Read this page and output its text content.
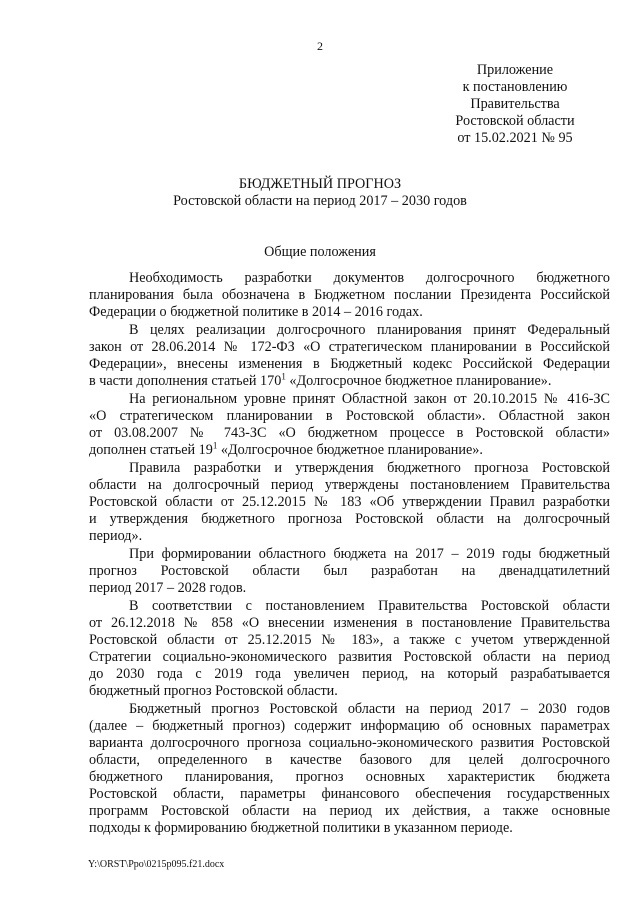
2
Приложение
к постановлению
Правительства
Ростовской области
от 15.02.2021 № 95
БЮДЖЕТНЫЙ ПРОГНОЗ
Ростовской области на период 2017 – 2030 годов
Общие положения

Необходимость разработки документов долгосрочного бюджетного
планирования была обозначена в Бюджетном послании Президента Российской
Федерации о бюджетной политике в 2014 – 2016 годах.

В целях реализации долгосрочного планирования принят Федеральный
закон от 28.06.2014 № 172-ФЗ «О стратегическом планировании в Российской
Федерации», внесены изменения в Бюджетный кодекс Российской Федерации
в части дополнения статьей $170^1$ «Долгосрочное бюджетное планирование».

На региональном уровне принят Областной закон от 20.10.2015 № 416-ЗС
«О стратегическом планировании в Ростовской области». Областной закон
от 03.08.2007 № 743-ЗС «О бюджетном процессе в Ростовской области»
дополнен статьей $19^1$ «Долгосрочное бюджетное планирование».

Правила разработки и утверждения бюджетного прогноза Ростовской
области на долгосрочный период утверждены постановлением Правительства
Ростовской области от 25.12.2015 № 183 «Об утверждении Правил разработки
и утверждения бюджетного прогноза Ростовской области на долгосрочный
период».

При формировании областного бюджета на 2017 – 2019 годы бюджетный
прогноз Ростовской области был разработан на двенадцатилетний
период 2017 – 2028 годов.

В соответствии с постановлением Правительства Ростовской области
от 26.12.2018 № 858 «О внесении изменения в постановление Правительства
Ростовской области от 25.12.2015 № 183», а также с учетом утвержденной
Стратегии социально-экономического развития Ростовской области на период
до 2030 года с 2019 года увеличен период, на который разрабатывается
бюджетный прогноз Ростовской области.

Бюджетный прогноз Ростовской области на период 2017 – 2030 годов
(далее – бюджетный прогноз) содержит информацию об основных параметрах
варианта долгосрочного прогноза социально-экономического развития Ростовской
области, определенного в качестве базового для целей долгосрочного
бюджетного планирования, прогноз основных характеристик бюджета
Ростовской области, параметры финансового обеспечения государственных
программ Ростовской области на период их действия, а также основные
подходы к формированию бюджетной политики в указанном периоде.

Y:\ORST\Ppo\0215p095.f21.docx
